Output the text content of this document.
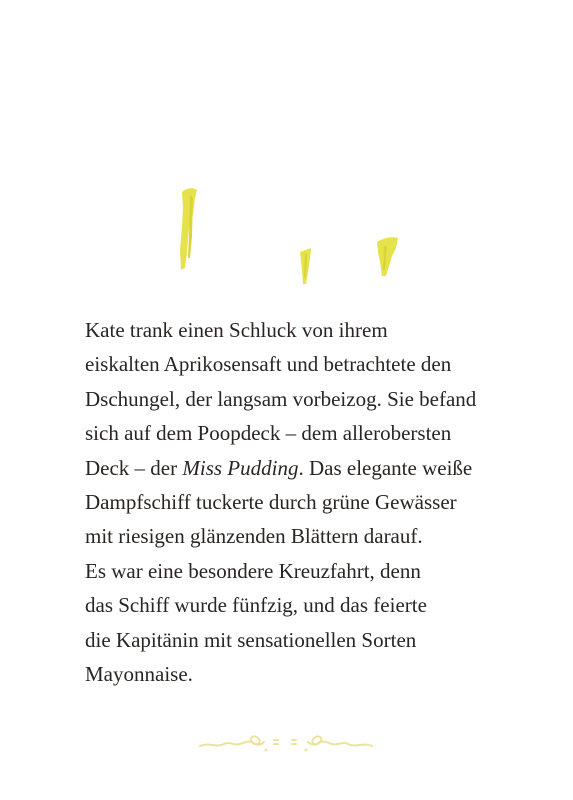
Kate trank einen Schluck von ihrem
eiskalten Aprikosensaft und betrachtete den
Dschungel, der langsam vorbeizog. Sie befand
sich auf dem Poopdeck – dem allerobersten
Deck – der Miss Pudding. Das elegante weiße
Dampfschiff tuckerte durch grüne Gewässer
mit riesigen glänzenden Blättern darauf.
Es war eine besondere Kreuzfahrt, denn
das Schiff wurde fünfzig, und das feierte
die Kapitänin mit sensationellen Sorten
Mayonnaise.
